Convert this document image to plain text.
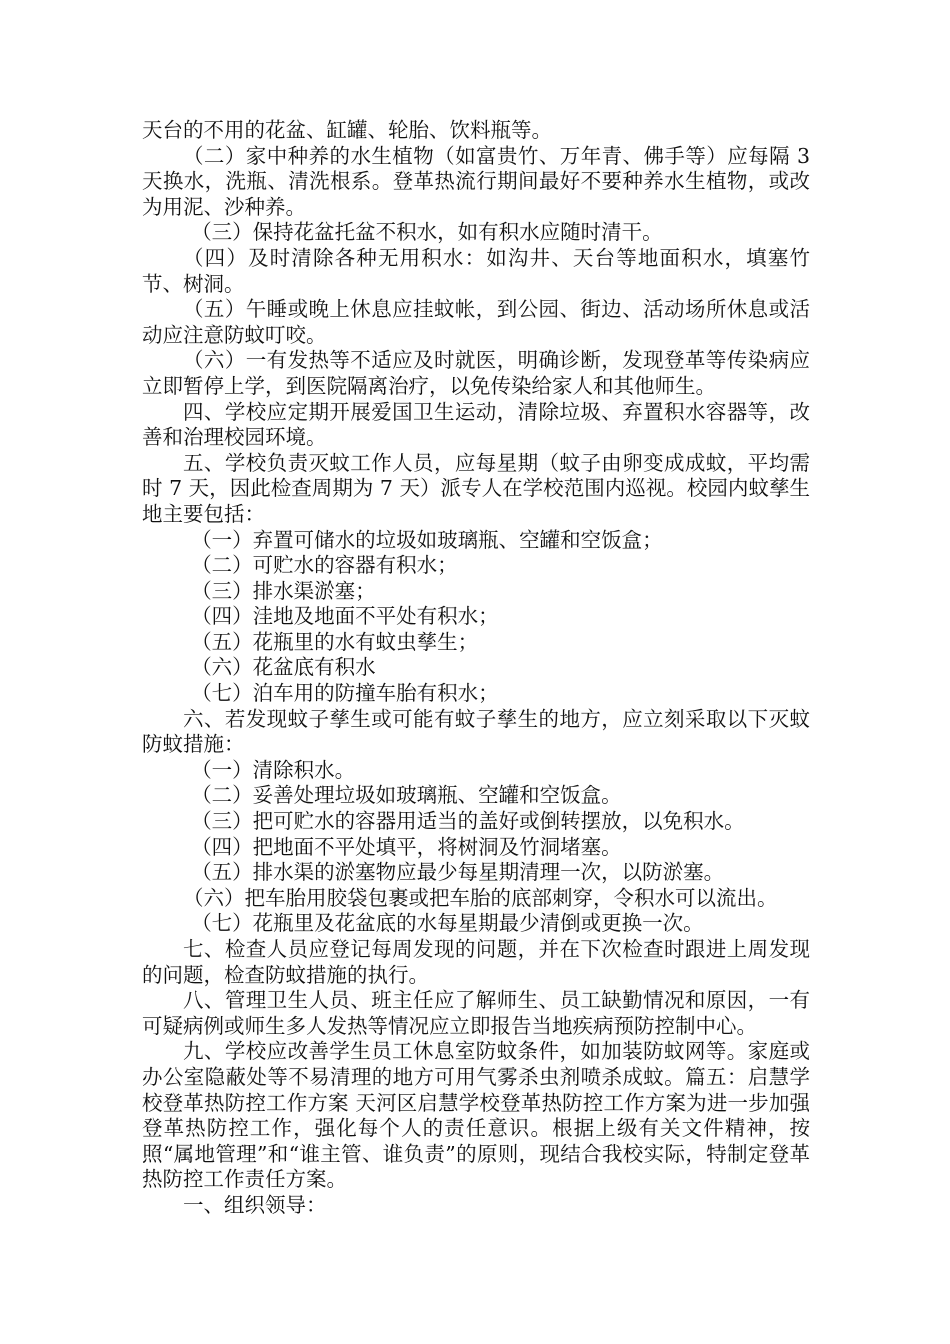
天台的不用的花盆、缸罐、轮胎、饮料瓶等。

（二）家中种养的水生植物（如富贵竹、万年青、佛手等）应每隔 3 天换水，洗瓶、清洗根系。登革热流行期间最好不要种养水生植物，或改为用泥、沙种养。

（三）保持花盆托盆不积水，如有积水应随时清干。

（四）及时清除各种无用积水：如沟井、天台等地面积水，填塞竹节、树洞。

（五）午睡或晚上休息应挂蚊帐，到公园、街边、活动场所休息或活动应注意防蚊叮咬。

（六）一有发热等不适应及时就医，明确诊断，发现登革等传染病应立即暂停上学，到医院隔离治疗，以免传染给家人和其他师生。

四、学校应定期开展爱国卫生运动，清除垃圾、弃置积水容器等，改善和治理校园环境。

五、学校负责灭蚊工作人员，应每星期（蚊子由卵变成成蚊，平均需时 7 天，因此检查周期为 7 天）派专人在学校范围内巡视。校园内蚊孳生地主要包括：

（一）弃置可储水的垃圾如玻璃瓶、空罐和空饭盒；

（二）可贮水的容器有积水；

（三）排水渠淤塞；

（四）洼地及地面不平处有积水；

（五）花瓶里的水有蚊虫孳生；

（六）花盆底有积水

（七）泊车用的防撞车胎有积水；

六、若发现蚊子孳生或可能有蚊子孳生的地方，应立刻采取以下灭蚊防蚊措施：

（一）清除积水。

（二）妥善处理垃圾如玻璃瓶、空罐和空饭盒。

（三）把可贮水的容器用适当的盖好或倒转摆放，以免积水。

（四）把地面不平处填平，将树洞及竹洞堵塞。

（五）排水渠的淤塞物应最少每星期清理一次，以防淤塞。

（六）把车胎用胶袋包裹或把车胎的底部刺穿，令积水可以流出。

（七）花瓶里及花盆底的水每星期最少清倒或更换一次。

七、检查人员应登记每周发现的问题，并在下次检查时跟进上周发现的问题，检查防蚊措施的执行。

八、管理卫生人员、班主任应了解师生、员工缺勤情况和原因，一有可疑病例或师生多人发热等情况应立即报告当地疾病预防控制中心。

九、学校应改善学生员工休息室防蚊条件，如加装防蚊网等。家庭或办公室隐蔽处等不易清理的地方可用气雾杀虫剂喷杀成蚊。篇五：启慧学校登革热防控工作方案 天河区启慧学校登革热防控工作方案为进一步加强登革热防控工作，强化每个人的责任意识。根据上级有关文件精神，按照“属地管理”和“谁主管、谁负责”的原则，现结合我校实际，特制定登革热防控工作责任方案。

一、组织领导：
